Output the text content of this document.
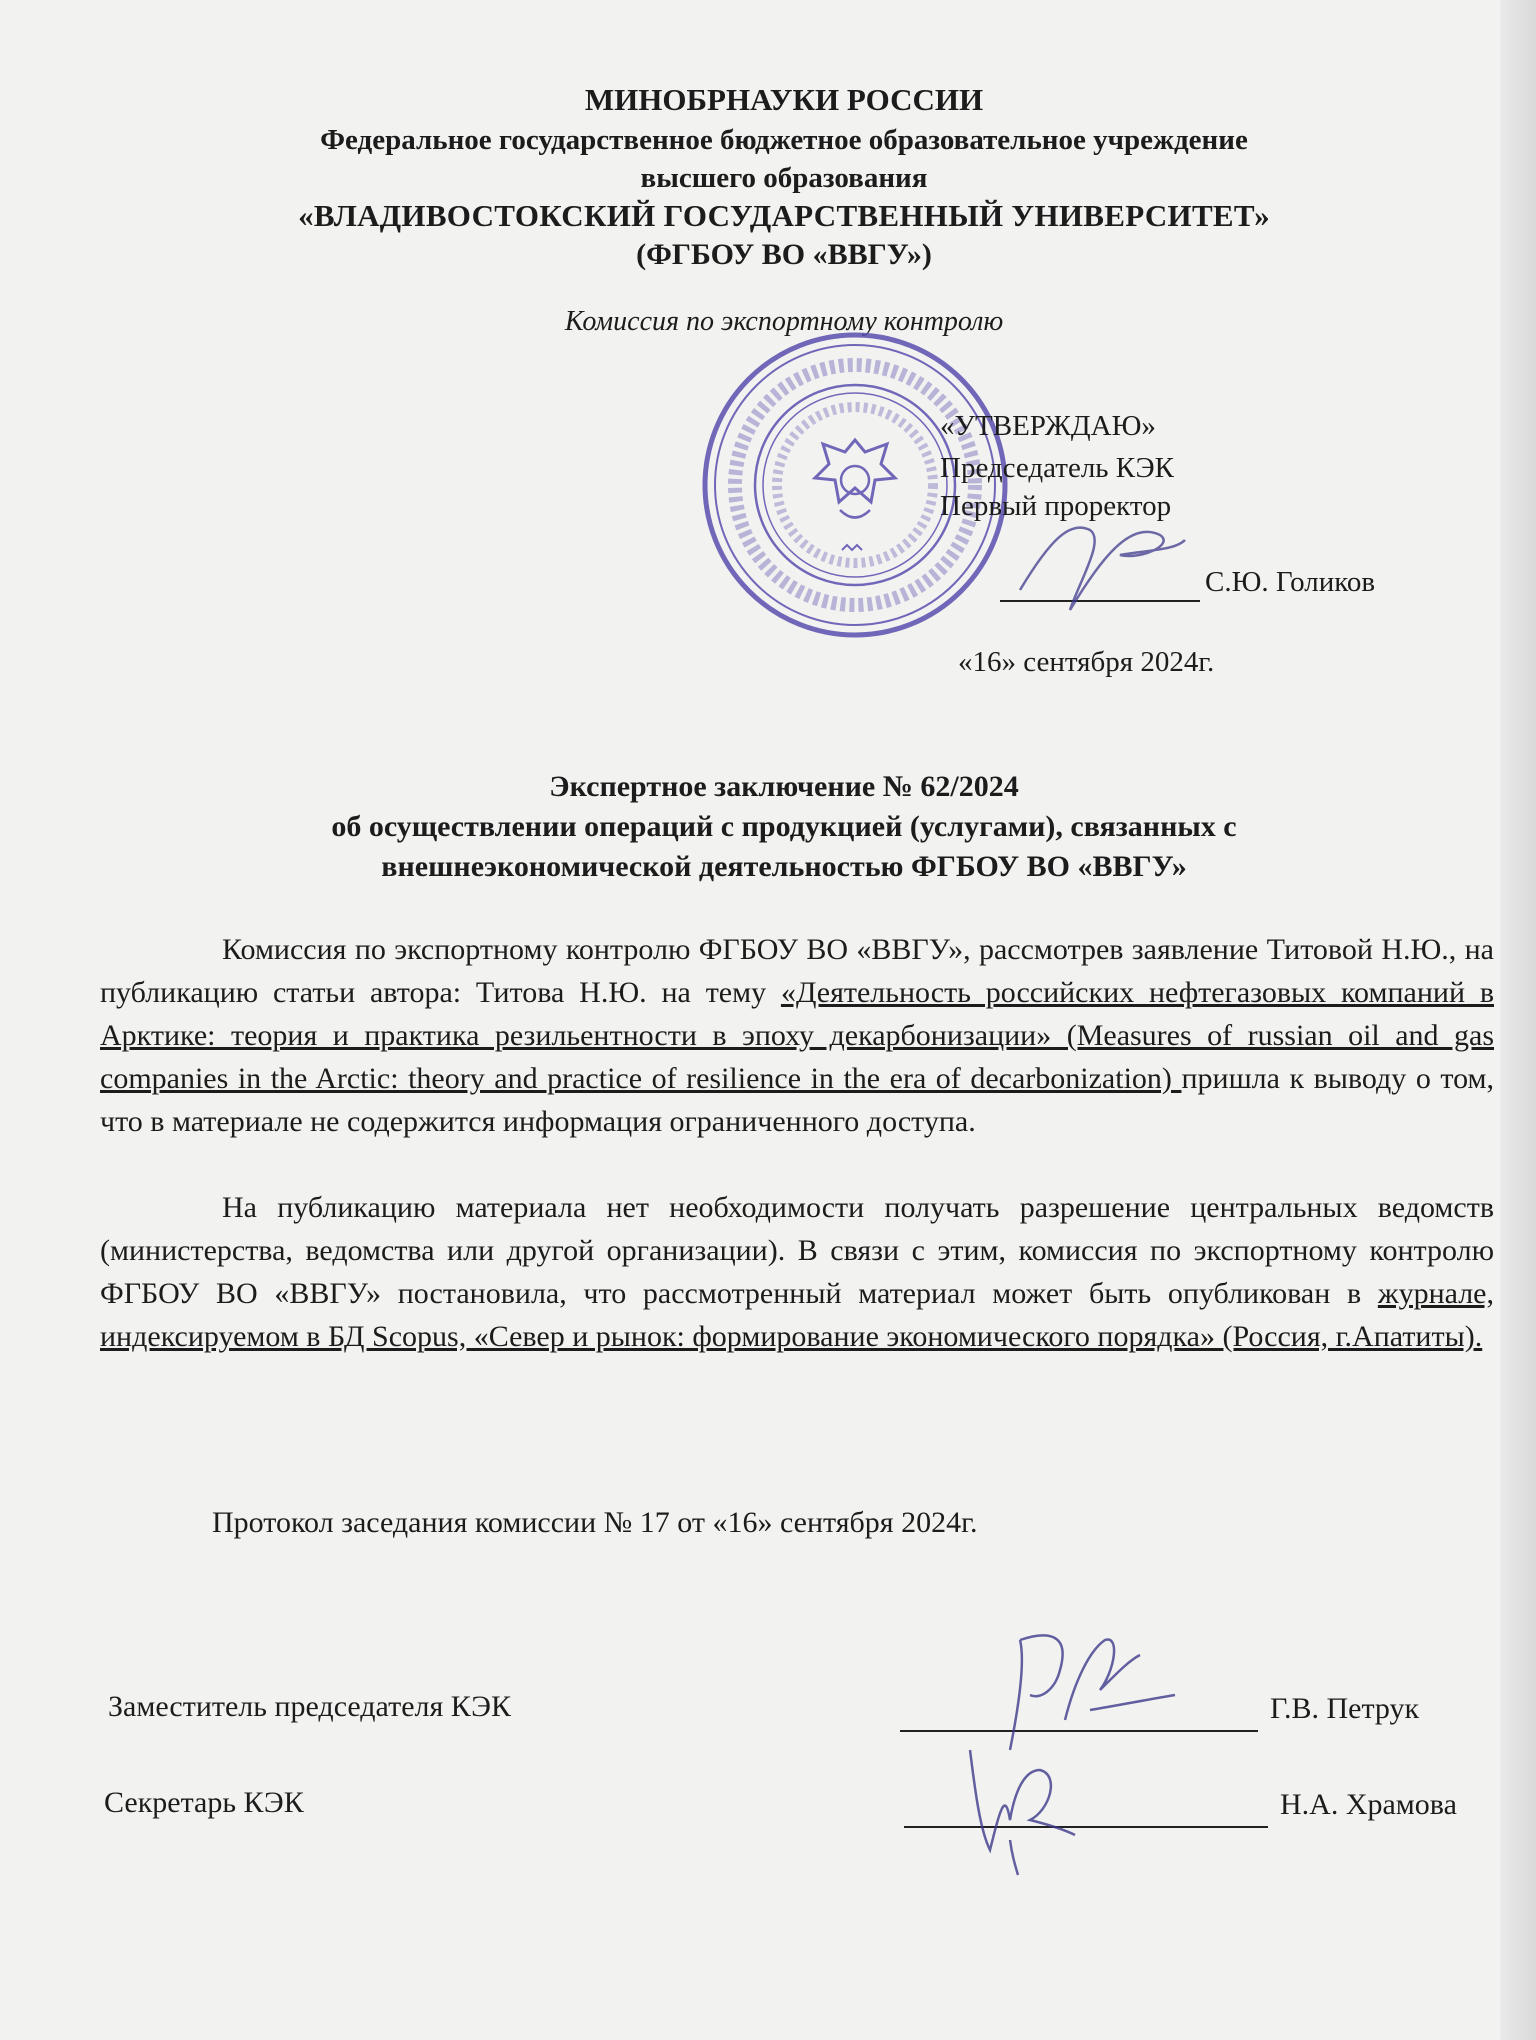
МИНОБРНАУКИ РОССИИ
Федеральное государственное бюджетное образовательное учреждение
высшего образования
«ВЛАДИВОСТОКСКИЙ ГОСУДАРСТВЕННЫЙ УНИВЕРСИТЕТ»
(ФГБОУ ВО «ВВГУ»)
Комиссия по экспортному контролю
«УТВЕРЖДАЮ»
Председатель КЭК
Первый проректор
С.Ю. Голиков
«16» сентября 2024г.
Экспертное заключение № 62/2024
об осуществлении операций с продукцией (услугами), связанных с
внешнеэкономической деятельностью ФГБОУ ВО «ВВГУ»
Комиссия по экспортному контролю ФГБОУ ВО «ВВГУ», рассмотрев заявление Титовой Н.Ю., на публикацию статьи автора: Титова Н.Ю. на тему «Деятельность российских нефтегазовых компаний в Арктике: теория и практика резильентности в эпоху декарбонизации» (Measures of russian oil and gas companies in the Arctic: theory and practice of resilience in the era of decarbonization) пришла к выводу о том, что в материале не содержится информация ограниченного доступа.
На публикацию материала нет необходимости получать разрешение центральных ведомств (министерства, ведомства или другой организации). В связи с этим, комиссия по экспортному контролю ФГБОУ ВО «ВВГУ» постановила, что рассмотренный материал может быть опубликован в журнале, индексируемом в БД Scopus, «Север и рынок: формирование экономического порядка» (Россия, г.Апатиты).
Протокол заседания комиссии № 17 от «16» сентября 2024г.
Заместитель председателя КЭК	Г.В. Петрук
Секретарь КЭК	Н.А. Храмова
